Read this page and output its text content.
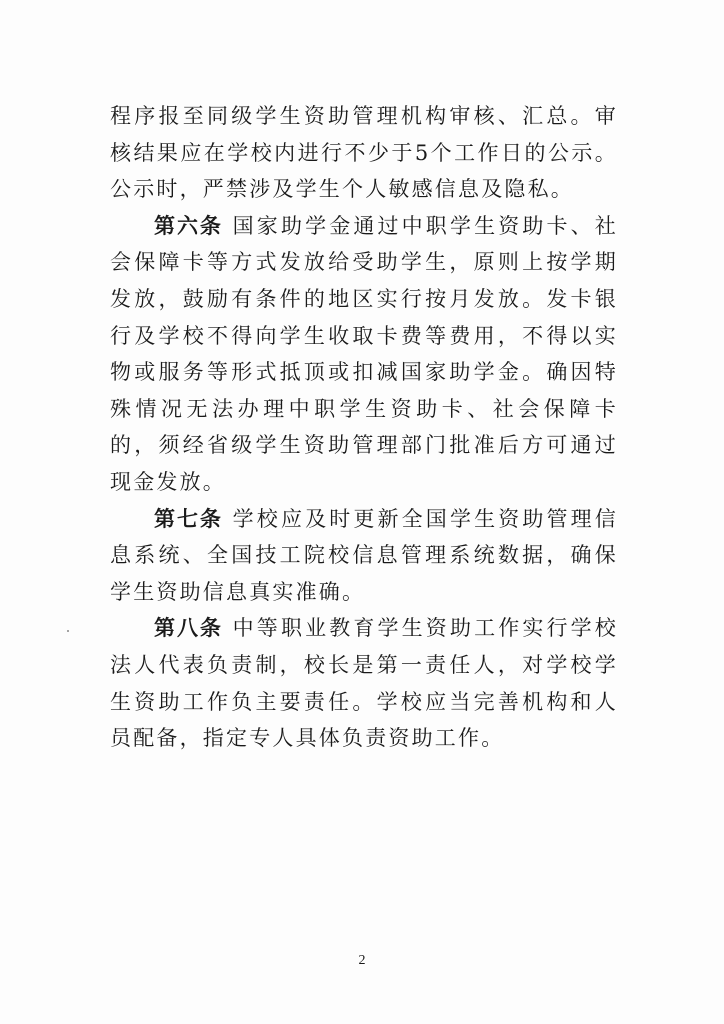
程序报至同级学生资助管理机构审核、汇总。审核结果应在学校内进行不少于5个工作日的公示。公示时，严禁涉及学生个人敏感信息及隐私。

第六条 国家助学金通过中职学生资助卡、社会保障卡等方式发放给受助学生，原则上按学期发放，鼓励有条件的地区实行按月发放。发卡银行及学校不得向学生收取卡费等费用，不得以实物或服务等形式抵顶或扣减国家助学金。确因特殊情况无法办理中职学生资助卡、社会保障卡的，须经省级学生资助管理部门批准后方可通过现金发放。

第七条 学校应及时更新全国学生资助管理信息系统、全国技工院校信息管理系统数据，确保学生资助信息真实准确。

第八条 中等职业教育学生资助工作实行学校法人代表负责制，校长是第一责任人，对学校学生资助工作负主要责任。学校应当完善机构和人员配备，指定专人具体负责资助工作。

2
